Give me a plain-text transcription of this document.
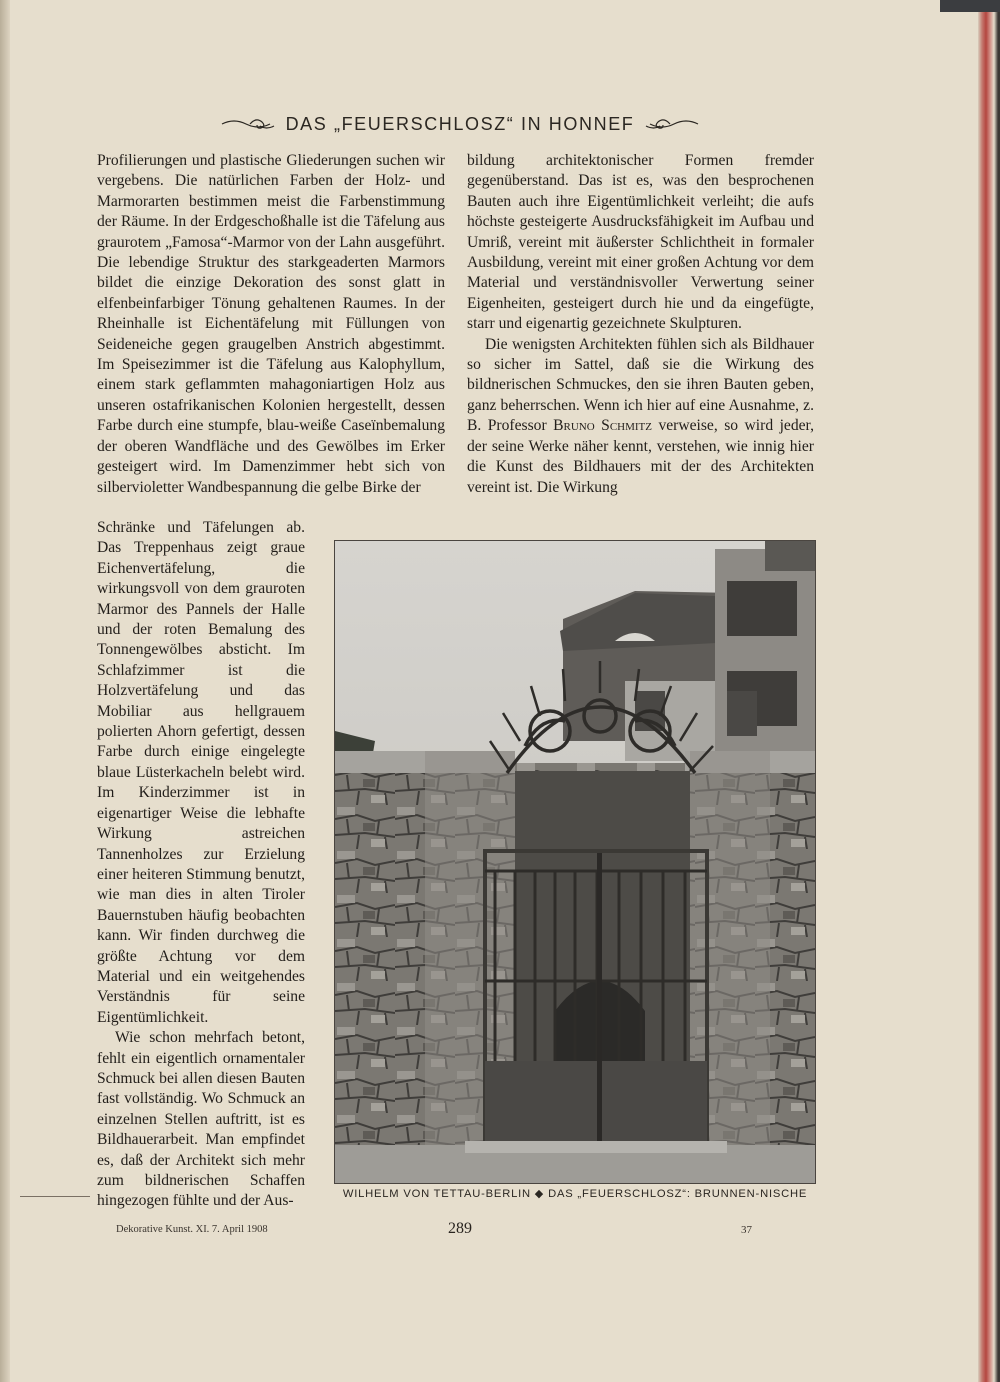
DAS „FEUERSCHLOSZ“ IN HONNEF

Profilierungen und plastische Gliederungen suchen wir vergebens. Die natürlichen Farben der Holz- und Marmorarten bestimmen meist die Farbenstimmung der Räume. In der Erdgeschoßhalle ist die Täfelung aus graurotem „Famosa“-Marmor von der Lahn ausgeführt. Die lebendige Struktur des starkgeaderten Marmors bildet die einzige Dekoration des sonst glatt in elfenbeinfarbiger Tönung gehaltenen Raumes. In der Rheinhalle ist Eichentäfelung mit Füllungen von Seideneiche gegen graugelben Anstrich abgestimmt. Im Speisezimmer ist die Täfelung aus Kalophyllum, einem stark geflammten mahagoniartigen Holz aus unseren ostafrikanischen Kolonien hergestellt, dessen Farbe durch eine stumpfe, blau-weiße Caseïnbemalung der oberen Wandfläche und des Gewölbes im Erker gesteigert wird. Im Damenzimmer hebt sich von silbervioletter Wandbespannung die gelbe Birke der

Schränke und Täfelungen ab. Das Treppenhaus zeigt graue Eichenvertäfelung, die wirkungsvoll von dem grauroten Marmor des Pannels der Halle und der roten Bemalung des Tonnengewölbes absticht. Im Schlafzimmer ist die Holzvertäfelung und das Mobiliar aus hellgrauem polierten Ahorn gefertigt, dessen Farbe durch einige eingelegte blaue Lüsterkacheln belebt wird. Im Kinderzimmer ist in eigenartiger Weise die lebhafte Wirkung astreichen Tannenholzes zur Erzielung einer heiteren Stimmung benutzt, wie man dies in alten Tiroler Bauernstuben häufig beobachten kann. Wir finden durchweg die größte Achtung vor dem Material und ein weitgehendes Verständnis für seine Eigentümlichkeit.

Wie schon mehrfach betont, fehlt ein eigentlich ornamentaler Schmuck bei allen diesen Bauten fast vollständig. Wo Schmuck an einzelnen Stellen auftritt, ist es Bildhauerarbeit. Man empfindet es, daß der Architekt sich mehr zum bildnerischen Schaffen hingezogen fühlte und der Aus-

bildung architektonischer Formen fremder gegenüberstand. Das ist es, was den besprochenen Bauten auch ihre Eigentümlichkeit verleiht; die aufs höchste gesteigerte Ausdrucksfähigkeit im Aufbau und Umriß, vereint mit äußerster Schlichtheit in formaler Ausbildung, vereint mit einer großen Achtung vor dem Material und verständnisvoller Verwertung seiner Eigenheiten, gesteigert durch hie und da eingefügte, starr und eigenartig gezeichnete Skulpturen.

Die wenigsten Architekten fühlen sich als Bildhauer so sicher im Sattel, daß sie die Wirkung des bildnerischen Schmuckes, den sie ihren Bauten geben, ganz beherrschen. Wenn ich hier auf eine Ausnahme, z. B. Professor Bruno Schmitz verweise, so wird jeder, der seine Werke näher kennt, verstehen, wie innig hier die Kunst des Bildhauers mit der des Architekten vereint ist. Die Wirkung

WILHELM VON TETTAU-BERLIN ◆ DAS „FEUERSCHLOSZ“: BRUNNEN-NISCHE
Dekorative Kunst. XI. 7. April 1908	289	37
